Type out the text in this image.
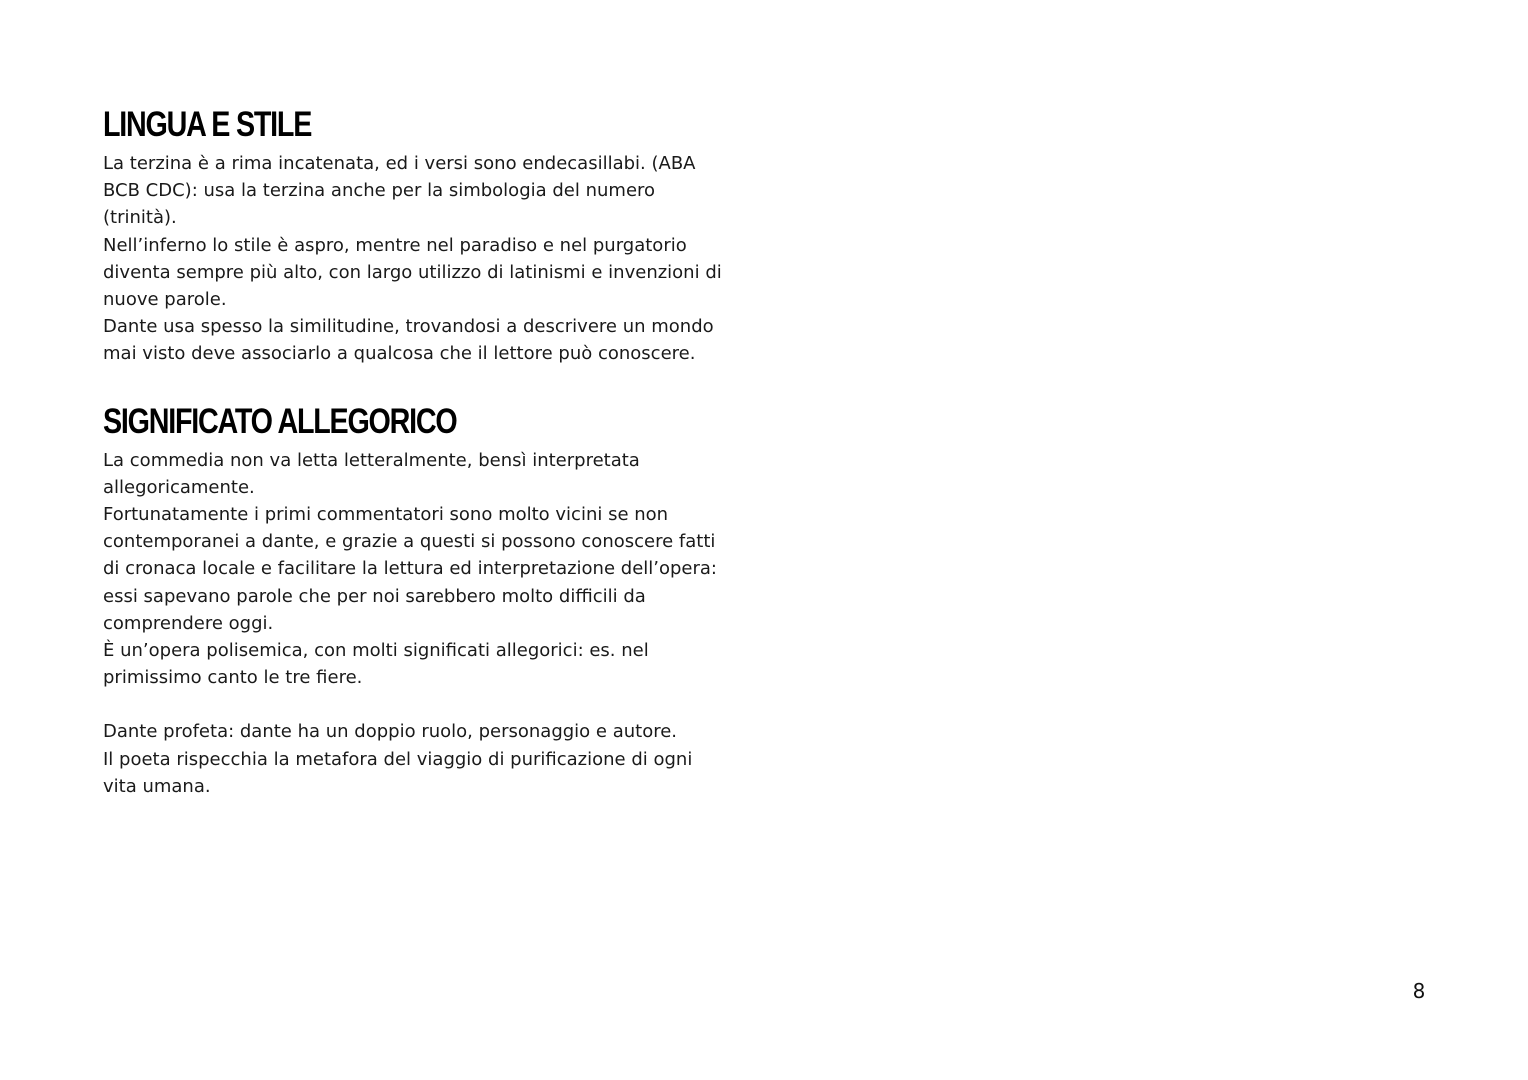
LINGUA E STILE

La terzina è a rima incatenata, ed i versi sono endecasillabi. (ABA
BCB CDC): usa la terzina anche per la simbologia del numero
(trinità).

Nell’inferno lo stile è aspro, mentre nel paradiso e nel purgatorio
diventa sempre più alto, con largo utilizzo di latinismi e invenzioni di
nuove parole.

Dante usa spesso la similitudine, trovandosi a descrivere un mondo
mai visto deve associarlo a qualcosa che il lettore può conoscere.

SIGNIFICATO ALLEGORICO

La commedia non va letta letteralmente, bensì interpretata
allegoricamente.

Fortunatamente i primi commentatori sono molto vicini se non
contemporanei a dante, e grazie a questi si possono conoscere fatti
di cronaca locale e facilitare la lettura ed interpretazione dell’opera:
essi sapevano parole che per noi sarebbero molto difficili da
comprendere oggi.

È un’opera polisemica, con molti significati allegorici: es. nel
primissimo canto le tre fiere.

Dante profeta: dante ha un doppio ruolo, personaggio e autore.

Il poeta rispecchia la metafora del viaggio di purificazione di ogni
vita umana.

8
